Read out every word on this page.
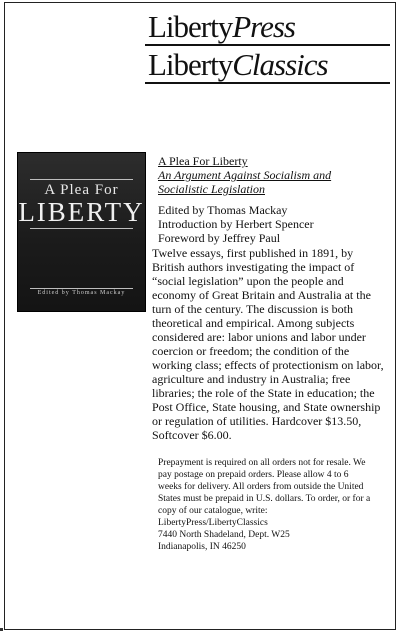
LibertyPress
LibertyClassics
A Plea For
LIBERTY
Edited by Thomas Mackay
A Plea For Liberty
An Argument Against Socialism and
Socialistic Legislation
Edited by Thomas Mackay
Introduction by Herbert Spencer
Foreword by Jeffrey Paul
Twelve essays, first published in 1891, by British authors investigating the impact of “social legislation” upon the people and economy of Great Britain and Australia at the turn of the century. The discussion is both theoretical and empirical. Among subjects considered are: labor unions and labor under coercion or freedom; the condition of the working class; effects of protectionism on labor, agriculture and industry in Australia; free libraries; the role of the State in education; the Post Office, State housing, and State ownership or regulation of utilities. Hardcover $13.50, Softcover $6.00.
Prepayment is required on all orders not for resale. We
pay postage on prepaid orders. Please allow 4 to 6
weeks for delivery. All orders from outside the United
States must be prepaid in U.S. dollars. To order, or for a
copy of our catalogue, write:
LibertyPress/LibertyClassics
7440 North Shadeland, Dept. W25
Indianapolis, IN 46250
